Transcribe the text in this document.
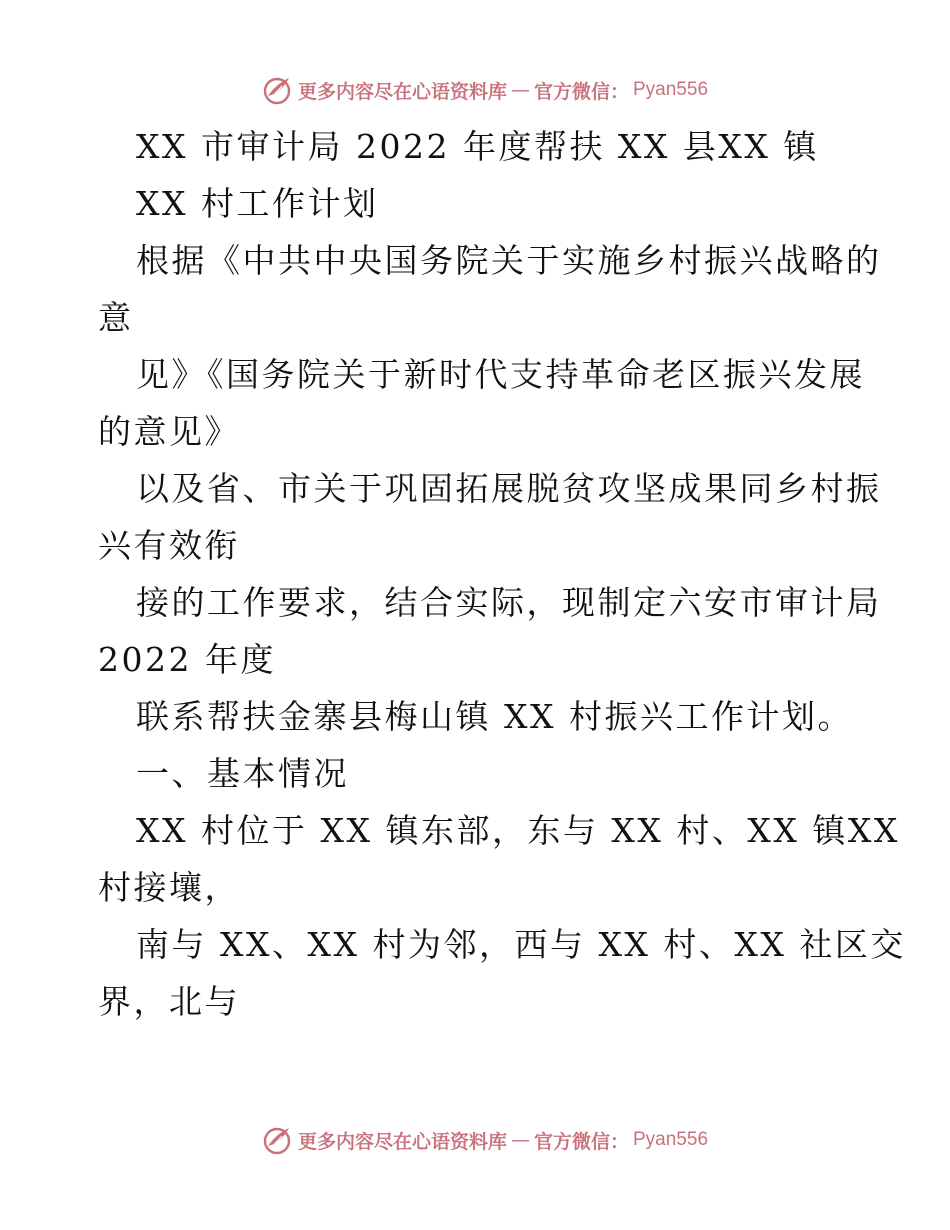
更多内容尽在心语资料库 — 官方微信： Pyan556

XX 市审计局 2022 年度帮扶 XX 县XX 镇

XX 村工作计划

根据《中共中央国务院关于实施乡村振兴战略的

意

见》《国务院关于新时代支持革命老区振兴发展

的意见》

以及省、市关于巩固拓展脱贫攻坚成果同乡村振

兴有效衔

接的工作要求，结合实际，现制定六安市审计局

2022 年度

联系帮扶金寨县梅山镇 XX 村振兴工作计划。

一、基本情况

XX 村位于 XX 镇东部，东与 XX 村、XX 镇XX

村接壤，

南与 XX、XX 村为邻，西与 XX 村、XX 社区交

界，北与

更多内容尽在心语资料库 — 官方微信： Pyan556
